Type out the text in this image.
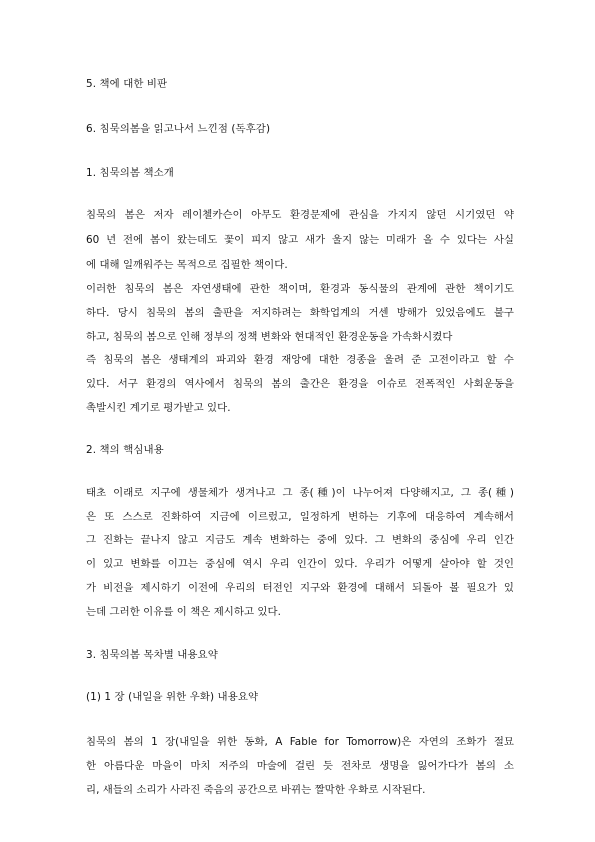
5. 책에 대한 비판
6. 침묵의봄을 읽고나서 느낀점 (독후감)
1. 침묵의봄 책소개
침묵의 봄은 저자 레이첼카슨이 아무도 환경문제에 관심을 가지지 않던 시기였던 약
60 년 전에 봄이 왔는데도 꽃이 피지 않고 새가 울지 않는 미래가 올 수 있다는 사실
에 대해 일깨워주는 목적으로 집필한 책이다.
이러한 침묵의 봄은 자연생태에 관한 책이며, 환경과 동식물의 관계에 관한 책이기도
하다. 당시 침묵의 봄의 출판을 저지하려는 화학업계의 거센 방해가 있었음에도 불구
하고, 침묵의 봄으로 인해 정부의 정책 변화와 현대적인 환경운동을 가속화시켰다
즉 침묵의 봄은 생태계의 파괴와 환경 재앙에 대한 경종을 울려 준 고전이라고 할 수
있다. 서구 환경의 역사에서 침묵의 봄의 출간은 환경을 이슈로 전폭적인 사회운동을
촉발시킨 계기로 평가받고 있다.
2. 책의 핵심내용
태초 이래로 지구에 생물체가 생겨나고 그 종(種)이 나누어져 다양해지고, 그 종(種)
은 또 스스로 진화하여 지금에 이르렀고, 일정하게 변하는 기후에 대응하여 계속해서
그 진화는 끝나지 않고 지금도 계속 변화하는 중에 있다. 그 변화의 중심에 우리 인간
이 있고 변화를 이끄는 중심에 역시 우리 인간이 있다. 우리가 어떻게 살아야 할 것인
가 비전을 제시하기 이전에 우리의 터전인 지구와 환경에 대해서 되돌아 볼 필요가 있
는데 그러한 이유를 이 책은 제시하고 있다.
3. 침묵의봄 목차별 내용요약
(1) 1 장 (내일을 위한 우화) 내용요약
침묵의 봄의 1 장(내일을 위한 동화, A Fable for Tomorrow)은 자연의 조화가 절묘
한 아름다운 마을이 마치 저주의 마술에 걸린 듯 전차로 생명을 잃어가다가 봄의 소
리, 새들의 소리가 사라진 죽음의 공간으로 바뀌는 짤막한 우화로 시작된다.
